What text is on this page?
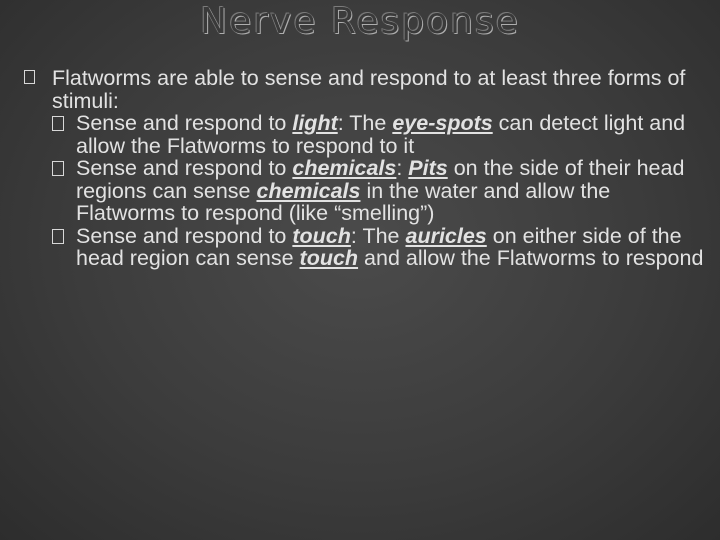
Nerve Response
Flatworms are able to sense and respond to at least three forms of stimuli:
Sense and respond to light: The eye-spots can detect light and allow the Flatworms to respond to it
Sense and respond to chemicals: Pits on the side of their head regions can sense chemicals in the water and allow the Flatworms to respond (like “smelling”)
Sense and respond to touch: The auricles on either side of the head region can sense touch and allow the Flatworms to respond
